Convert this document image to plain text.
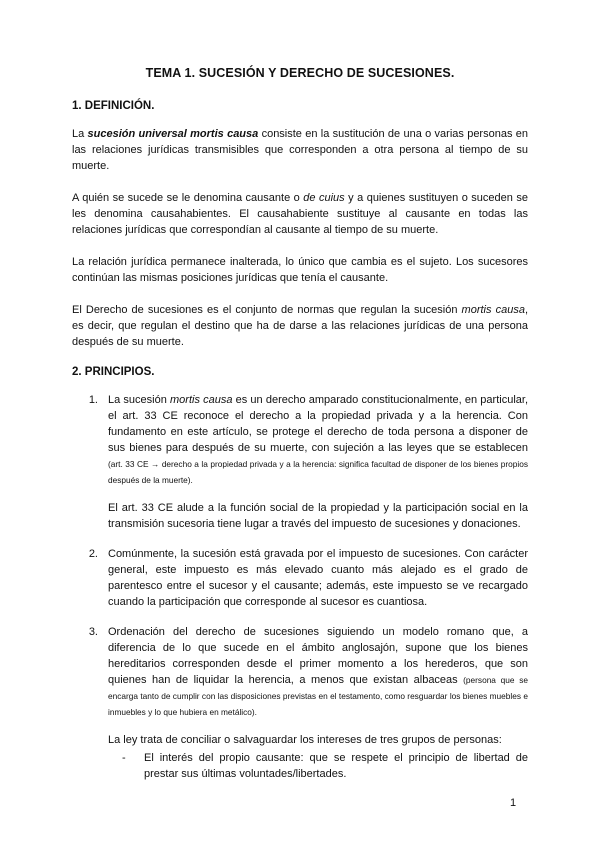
TEMA 1. SUCESIÓN Y DERECHO DE SUCESIONES.
1. DEFINICIÓN.

La sucesión universal mortis causa consiste en la sustitución de una o varias personas en las relaciones jurídicas transmisibles que corresponden a otra persona al tiempo de su muerte.

A quién se sucede se le denomina causante o de cuius y a quienes sustituyen o suceden se les denomina causahabientes. El causahabiente sustituye al causante en todas las relaciones jurídicas que correspondían al causante al tiempo de su muerte.

La relación jurídica permanece inalterada, lo único que cambia es el sujeto. Los sucesores continúan las mismas posiciones jurídicas que tenía el causante.

El Derecho de sucesiones es el conjunto de normas que regulan la sucesión mortis causa, es decir, que regulan el destino que ha de darse a las relaciones jurídicas de una persona después de su muerte.

2. PRINCIPIOS.
1. La sucesión mortis causa es un derecho amparado constitucionalmente, en particular, el art. 33 CE reconoce el derecho a la propiedad privada y a la herencia. Con fundamento en este artículo, se protege el derecho de toda persona a disponer de sus bienes para después de su muerte, con sujeción a las leyes que se establecen (art. 33 CE → derecho a la propiedad privada y a la herencia: significa facultad de disponer de los bienes propios después de la muerte).

El art. 33 CE alude a la función social de la propiedad y la participación social en la transmisión sucesoria tiene lugar a través del impuesto de sucesiones y donaciones.

2. Comúnmente, la sucesión está gravada por el impuesto de sucesiones. Con carácter general, este impuesto es más elevado cuanto más alejado es el grado de parentesco entre el sucesor y el causante; además, este impuesto se ve recargado cuando la participación que corresponde al sucesor es cuantiosa.

3. Ordenación del derecho de sucesiones siguiendo un modelo romano que, a diferencia de lo que sucede en el ámbito anglosajón, supone que los bienes hereditarios corresponden desde el primer momento a los herederos, que son quienes han de liquidar la herencia, a menos que existan albaceas (persona que se encarga tanto de cumplir con las disposiciones previstas en el testamento, como resguardar los bienes muebles e inmuebles y lo que hubiera en metálico).

La ley trata de conciliar o salvaguardar los intereses de tres grupos de personas:

-	El interés del propio causante: que se respete el principio de libertad de prestar sus últimas voluntades/libertades.

1
